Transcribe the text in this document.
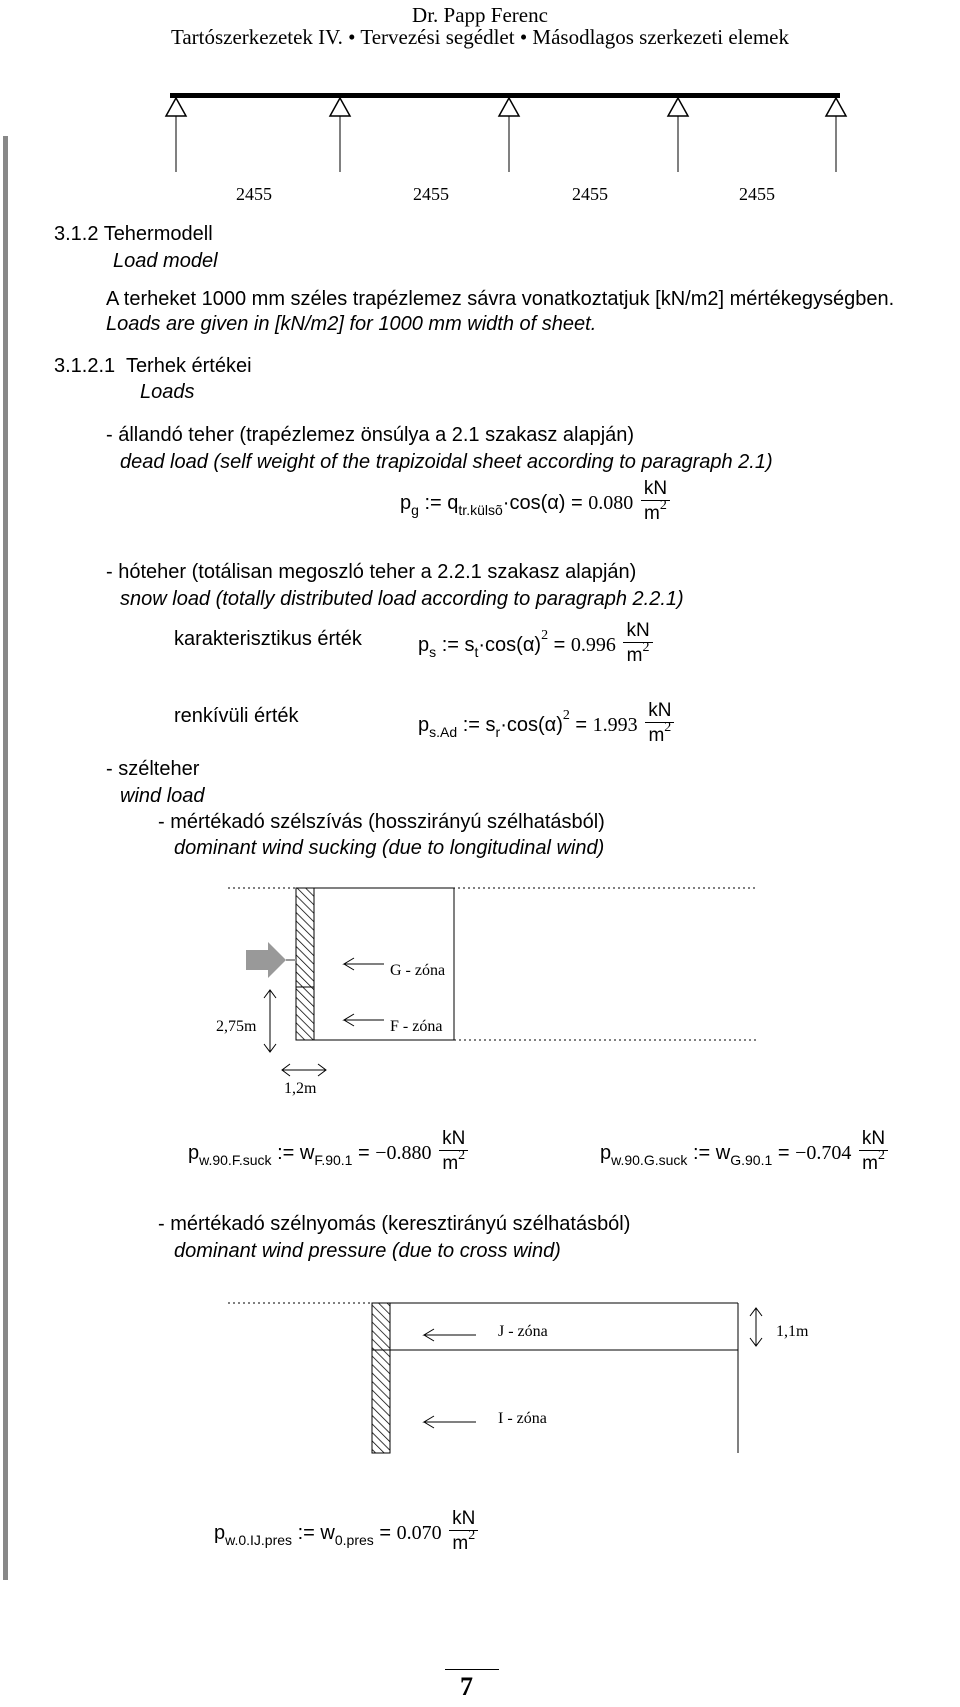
Dr. Papp Ferenc
Tartószerkezetek IV. • Tervezési segédlet • Másodlagos szerkezeti elemek
2455	2455	2455	2455
3.1.2 Tehermodell
Load model
A terheket 1000 mm széles trapézlemez sávra vonatkoztatjuk [kN/m2] mértékegységben.
Loads are given in [kN/m2] for 1000 mm width of sheet.
3.1.2.1 Terhek értékei
Loads
- állandó teher (trapézlemez önsúlya a 2.1 szakasz alapján)
dead load (self weight of the trapizoidal sheet according to paragraph 2.1)
$p_g$ := $q_{tr.külsõ}\cdot\cos(\alpha) = 0.080 \frac{kN}{m^2}$
- hóteher (totálisan megoszló teher a 2.2.1 szakasz alapján)
snow load (totally distributed load according to paragraph 2.2.1)
karakterisztikus érték	$p_s$ := $s_t\cdot\cos(\alpha)^2 = 0.996 \frac{kN}{m^2}$
renkívüli érték	$p_{s.Ad}$ := $s_r\cdot\cos(\alpha)^2 = 1.993 \frac{kN}{m^2}$
- szélteher
wind load
- mértékadó szélszívás (hosszirányú szélhatásból)
dominant wind sucking (due to longitudinal wind)
G - zóna
F - zóna
2,75m
1,2m
$p_{w.90.F.suck}$ := $w_{F.90.1} = -0.880 \frac{kN}{m^2}$	$p_{w.90.G.suck}$ := $w_{G.90.1} = -0.704 \frac{kN}{m^2}$
- mértékadó szélnyomás (keresztirányú szélhatásból)
dominant wind pressure (due to cross wind)
J - zóna
I - zóna
1,1m
$p_{w.0.IJ.pres}$ := $w_{0.pres} = 0.070 \frac{kN}{m^2}$
7
